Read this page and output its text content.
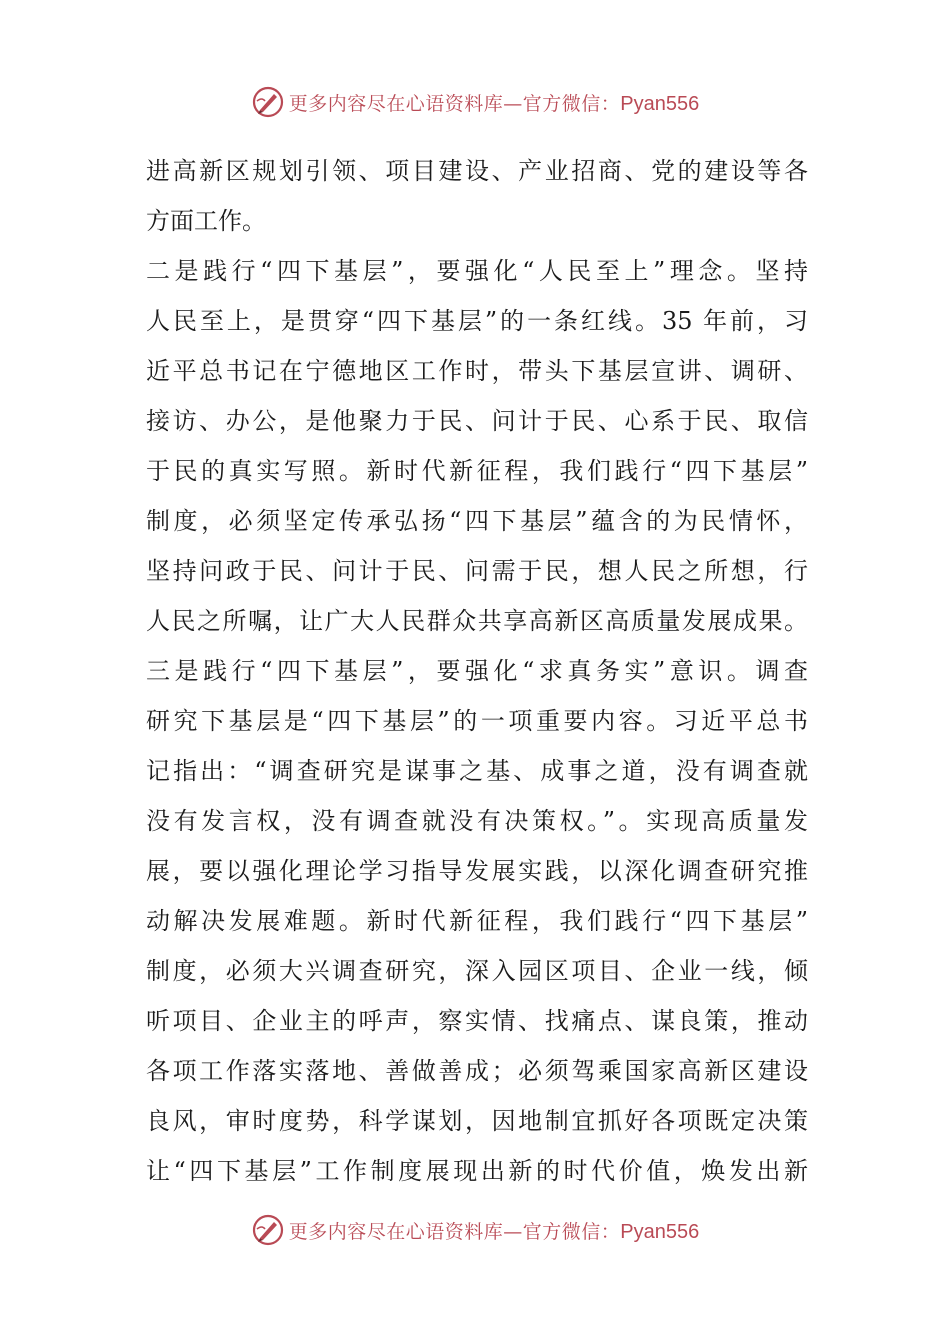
更多内容尽在心语资料库—官方微信：Pyan556
进高新区规划引领、项目建设、产业招商、党的建设等各
方面工作。
二是践行“四下基层”，要强化“人民至上”理念。坚持
人民至上，是贯穿“四下基层”的一条红线。35 年前，习
近平总书记在宁德地区工作时，带头下基层宣讲、调研、
接访、办公，是他聚力于民、问计于民、心系于民、取信
于民的真实写照。新时代新征程，我们践行“四下基层”
制度，必须坚定传承弘扬“四下基层”蕴含的为民情怀，
坚持问政于民、问计于民、问需于民，想人民之所想，行
人民之所嘱，让广大人民群众共享高新区高质量发展成果。
三是践行“四下基层”，要强化“求真务实”意识。调查
研究下基层是“四下基层”的一项重要内容。习近平总书
记指出：“调查研究是谋事之基、成事之道，没有调查就
没有发言权，没有调查就没有决策权。”。实现高质量发
展，要以强化理论学习指导发展实践，以深化调查研究推
动解决发展难题。新时代新征程，我们践行“四下基层”
制度，必须大兴调查研究，深入园区项目、企业一线，倾
听项目、企业主的呼声，察实情、找痛点、谋良策，推动
各项工作落实落地、善做善成；必须驾乘国家高新区建设
良风，审时度势，科学谋划，因地制宜抓好各项既定决策
让“四下基层”工作制度展现出新的时代价值，焕发出新
更多内容尽在心语资料库—官方微信：Pyan556
